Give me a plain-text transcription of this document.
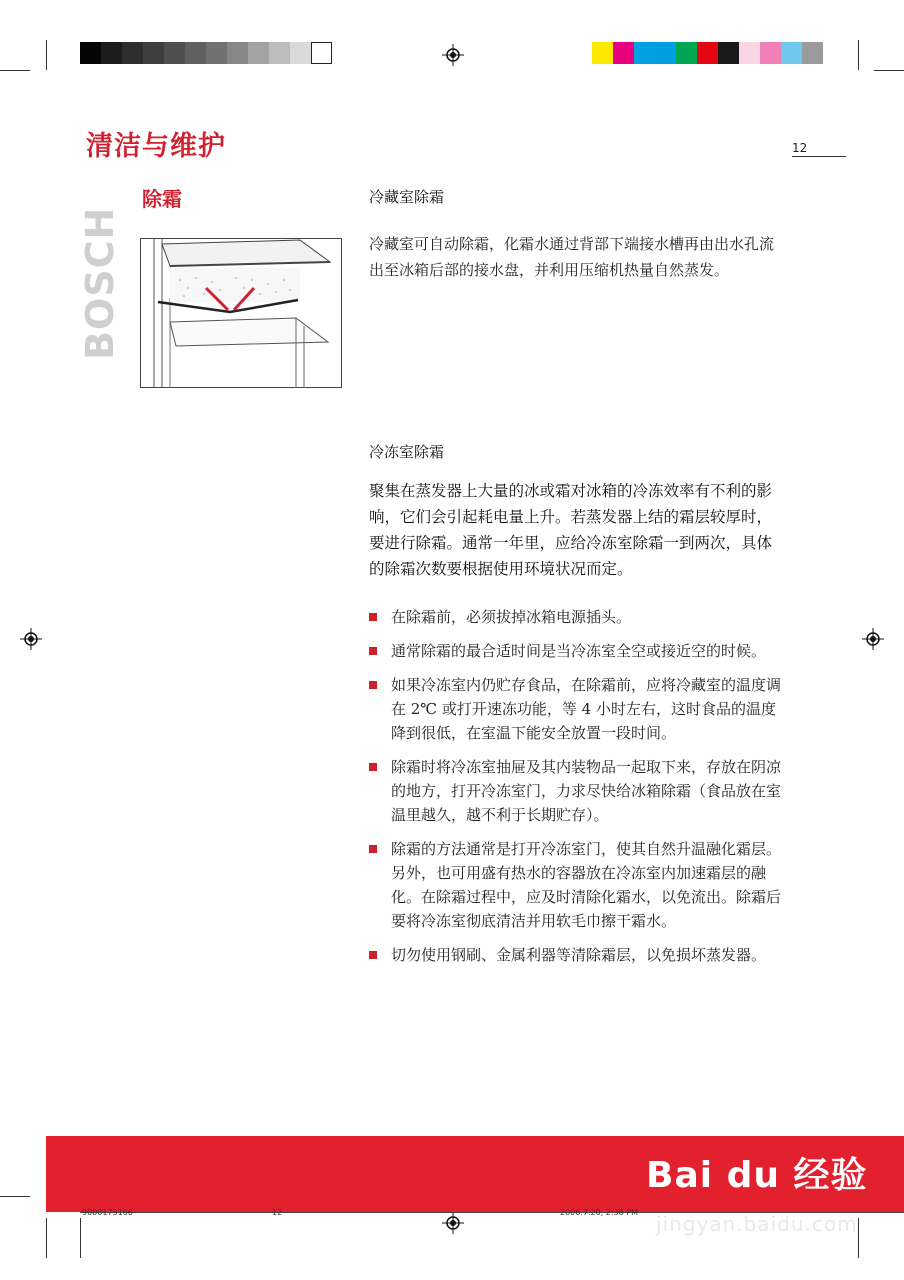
清洁与维护	12
BOSCH
除霜	冷藏室除霜
冷藏室可自动除霜，化霜水通过背部下端接水槽再由出水孔流出至冰箱后部的接水盘，并利用压缩机热量自然蒸发。
冷冻室除霜
聚集在蒸发器上大量的冰或霜对冰箱的冷冻效率有不利的影响，它们会引起耗电量上升。若蒸发器上结的霜层较厚时，要进行除霜。通常一年里，应给冷冻室除霜一到两次，具体的除霜次数要根据使用环境状况而定。
在除霜前，必须拔掉冰箱电源插头。
通常除霜的最合适时间是当冷冻室全空或接近空的时候。
如果冷冻室内仍贮存食品，在除霜前，应将冷藏室的温度调在 2℃ 或打开速冻功能，等 4 小时左右，这时食品的温度降到很低，在室温下能安全放置一段时间。
除霜时将冷冻室抽屉及其内装物品一起取下来，存放在阴凉的地方，打开冷冻室门，力求尽快给冰箱除霜（食品放在室温里越久，越不利于长期贮存）。
除霜的方法通常是打开冷冻室门，使其自然升温融化霜层。另外，也可用盛有热水的容器放在冷冻室内加速霜层的融化。在除霜过程中，应及时清除化霜水，以免流出。除霜后要将冷冻室彻底清洁并用软毛巾擦干霜水。
切勿使用钢刷、金属利器等清除霜层，以免损坏蒸发器。
Bai du 经验
9000173106	12	2006.7.20, 2:38 PM jingyan.baidu.com
